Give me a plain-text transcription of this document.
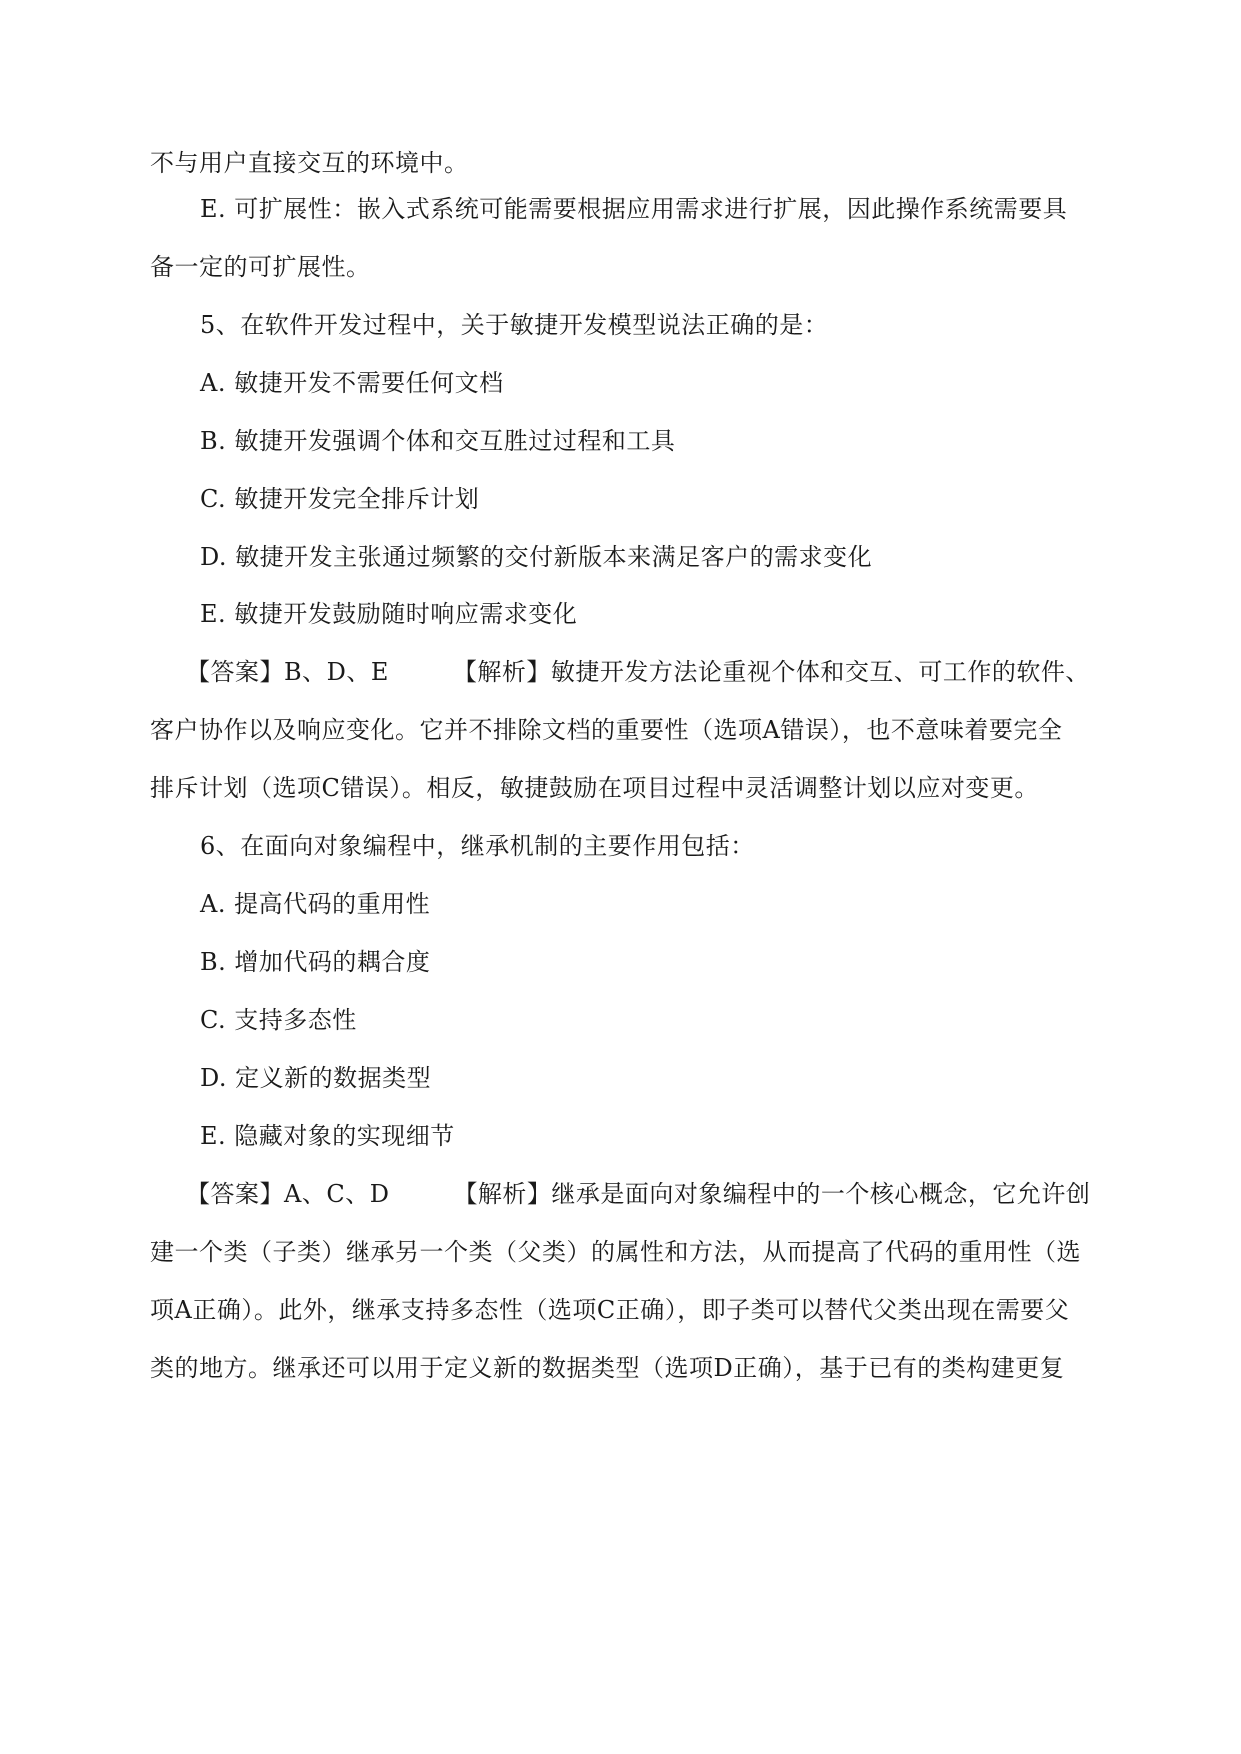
不与用户直接交互的环境中。
E. 可扩展性：嵌入式系统可能需要根据应用需求进行扩展，因此操作系统需要具
备一定的可扩展性。
5、在软件开发过程中，关于敏捷开发模型说法正确的是：
A. 敏捷开发不需要任何文档
B. 敏捷开发强调个体和交互胜过过程和工具
C. 敏捷开发完全排斥计划
D. 敏捷开发主张通过频繁的交付新版本来满足客户的需求变化
E. 敏捷开发鼓励随时响应需求变化
【答案】B、D、E	【解析】敏捷开发方法论重视个体和交互、可工作的软件、
客户协作以及响应变化。它并不排除文档的重要性（选项A错误），也不意味着要完全
排斥计划（选项C错误）。相反，敏捷鼓励在项目过程中灵活调整计划以应对变更。
6、在面向对象编程中，继承机制的主要作用包括：
A. 提高代码的重用性
B. 增加代码的耦合度
C. 支持多态性
D. 定义新的数据类型
E. 隐藏对象的实现细节
【答案】A、C、D	【解析】继承是面向对象编程中的一个核心概念，它允许创
建一个类（子类）继承另一个类（父类）的属性和方法，从而提高了代码的重用性（选
项A正确）。此外，继承支持多态性（选项C正确），即子类可以替代父类出现在需要父
类的地方。继承还可以用于定义新的数据类型（选项D正确），基于已有的类构建更复
